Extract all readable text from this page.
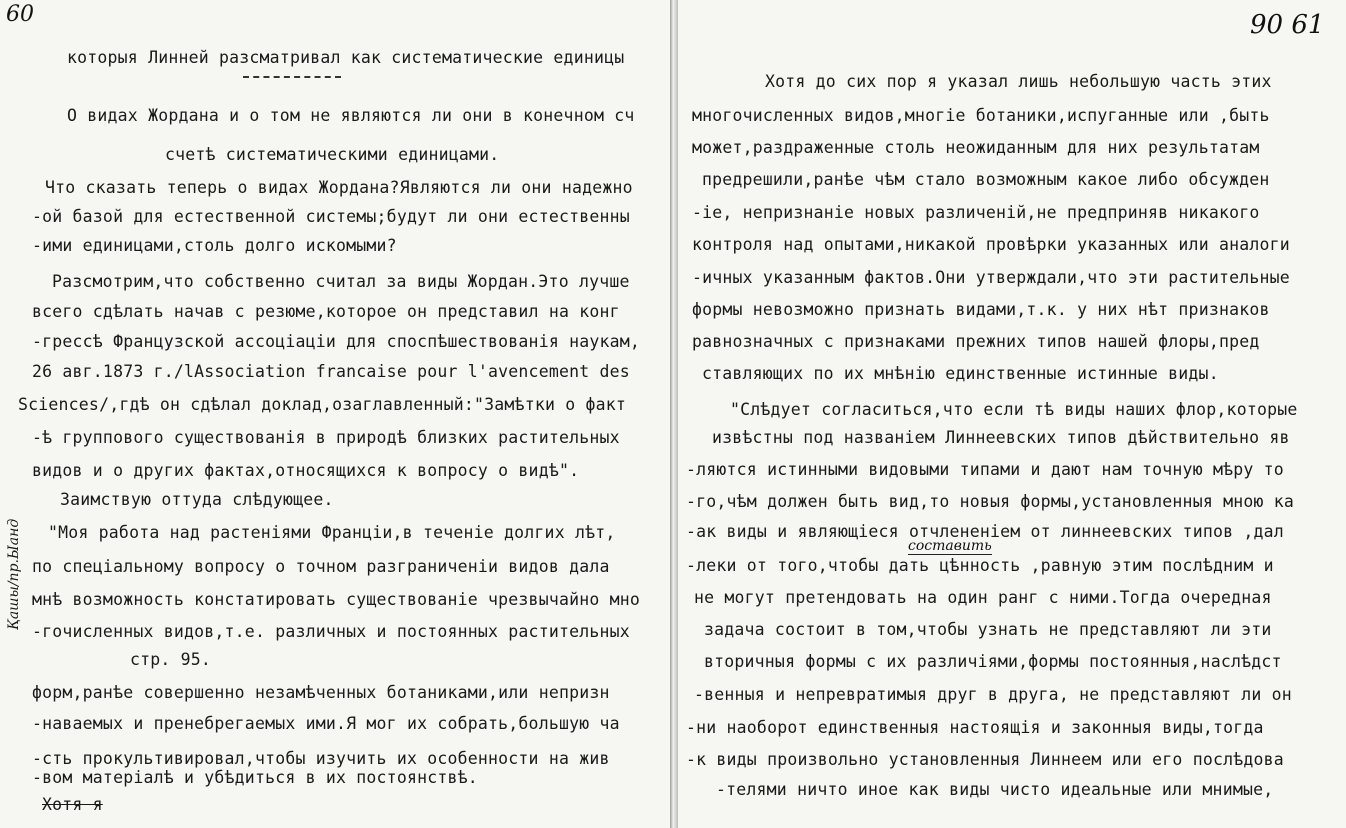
60
которыя Линней разсматривал как систематические единицы
О видах Жордана и о том не являются ли они в конечном сч
счетѣ систематическими единицами.
Что сказать теперь о видах Жордана?Являются ли они надежно
-ой базой для естественной системы;будут ли они естественны
-ими единицами,столь долго искомыми?
Разсмотрим,что собственно считал за виды Жордан.Это лучше
всего сдѣлать начав с резюме,которое он представил на конг
-грессѣ Французской ассоціаціи для споспѣшествованія наукам,
26 авг.1873 г./lAssociation francaise pour l'avencement des
Sciences/,гдѣ он сдѣлал доклад,озаглавленный:"Замѣтки о факт
-ѣ группового существованія в природѣ близких растительных
видов и о других фактах,относящихся к вопросу о видѣ".
Заимствую оттуда слѣдующее.
"Моя работа над растеніями Франціи,в теченіе долгих лѣт,
по спеціальному вопросу о точном разграниченіи видов дала
мнѣ возможность констатировать существованіе чрезвычайно мно
-гочисленных видов,т.е. различных и постоянных растительных
стр. 95.
форм,ранѣе совершенно незамѣченных ботаниками,или непризн
-наваемых и пренебрегаемых ими.Я мог их собрать,большую ча
-сть прокультивировал,чтобы изучить их особенности на жив
-вом матеріалѣ и убѣдиться в их постоянствѣ.
Хотя я
Қашы/пр.Ыанд
90 61
Хотя до сих пор я указал лишь небольшую часть этих
многочисленных видов,многіе ботаники,испуганные или ,быть
может,раздраженные столь неожиданным для них результатам
предрешили,ранѣе чѣм стало возможным какое либо обсужден
-іе, непризнаніе новых различеній,не предприняв никакого
контроля над опытами,никакой провѣрки указанных или аналоги
-ичных указанным фактов.Они утверждали,что эти растительные
формы невозможно признать видами,т.к. у них нѣт признаков
равнозначных с признаками прежних типов нашей флоры,пред
ставляющих по их мнѣнію единственные истинные виды.
"Слѣдует согласиться,что если тѣ виды наших флор,которые
извѣстны под названіем Линнеевских типов дѣйствительно яв
-ляются истинными видовыми типами и дают нам точную мѣру то
-го,чѣм должен быть вид,то новыя формы,установленныя мною ка
-ак виды и являющіеся отчлененіем от линнеевских типов ,дал
составить
-леки от того,чтобы дать цѣнность ,равную этим послѣдним и
не могут претендовать на один ранг с ними.Тогда очередная
задача состоит в том,чтобы узнать не представляют ли эти
вторичныя формы с их различіями,формы постоянныя,наслѣдст
-венныя и непревратимыя друг в друга, не представляют ли он
-ни наоборот единственныя настоящія и законныя виды,тогда
-к виды произвольно установленныя Линнеем или его послѣдова
-телями ничто иное как виды чисто идеальные или мнимые,
